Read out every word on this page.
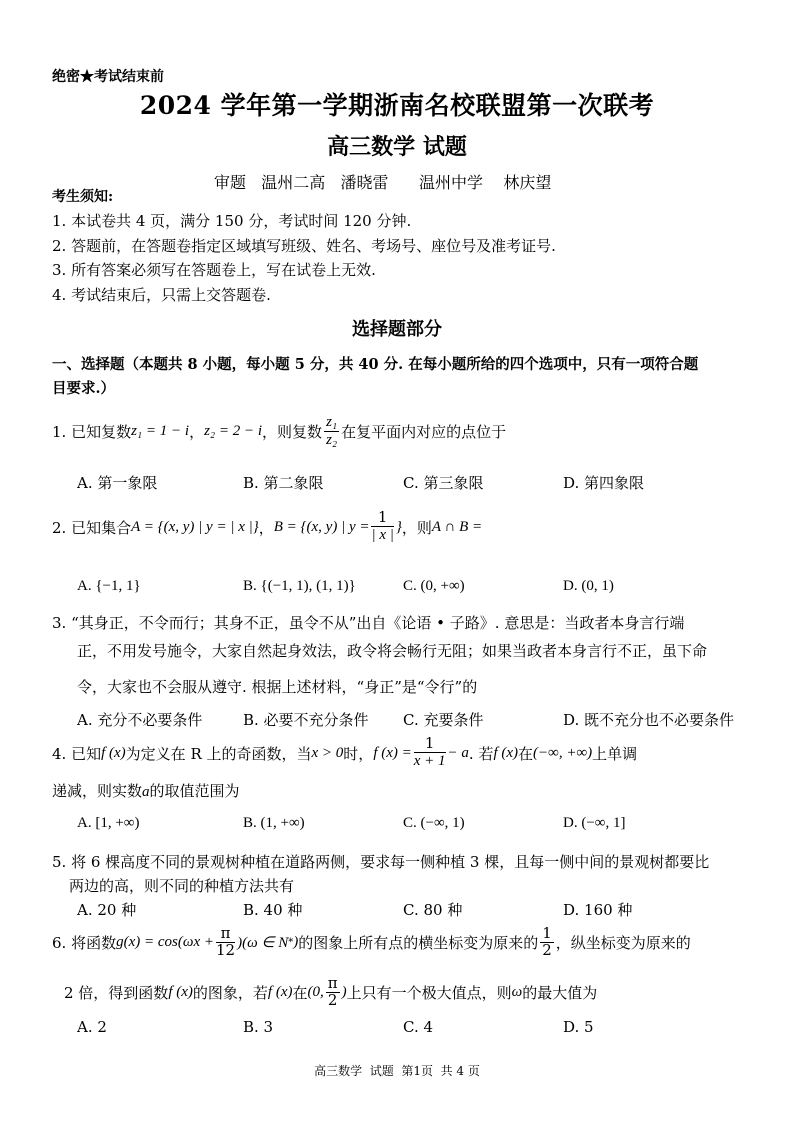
绝密★考试结束前
2024 学年第一学期浙南名校联盟第一次联考
高三数学 试题
审题   温州二高   潘晓雷      温州中学    林庆望
考生须知:
1. 本试卷共 4 页，满分 150 分，考试时间 120 分钟.
2. 答题前，在答题卷指定区域填写班级、姓名、考场号、座位号及准考证号.
3. 所有答案必须写在答题卷上，写在试卷上无效.
4. 考试结束后，只需上交答题卷.
选择题部分
一、选择题（本题共 8 小题，每小题 5 分，共 40 分. 在每小题所给的四个选项中，只有一项符合题
目要求.）
1. 已知复数 z₁ = 1 − i ， z₂ = 2 − i ，则复数 $\frac{\text{z₁}}{\text{z₂}}$ 在复平面内对应的点位于
A. 第一象限	B. 第二象限	C. 第三象限	D. 第四象限
2. 已知集合 A = {(x, y) | y = | x |} ， B = {(x, y) | $y = \frac{1}{| x |}$ } ，则 A ∩ B =
A. {−1, 1}	B. {(−1, 1), (1, 1)}	C. (0, +∞)	D. (0, 1)
3. “其身正，不令而行；其身不正，虽令不从”出自《论语 • 子路》. 意思是：当政者本身言行端
正，不用发号施令，大家自然起身效法，政令将会畅行无阻；如果当政者本身言行不正，虽下命
令，大家也不会服从遵守. 根据上述材料，“身正”是“令行”的
A. 充分不必要条件	B. 必要不充分条件 C. 充要条件	D. 既不充分也不必要条件
4. 已知 f (x) 为定义在 R 上的奇函数，当 x > 0 时， f $(x) = \frac{1}{x + 1} - a$ . 若 f (x) 在 (−∞, +∞) 上单调
递减，则实数a的取值范围为
A. [1, +∞)	B. (1, +∞)	C. (−∞, 1)	D. (−∞, 1]
5. 将 6 棵高度不同的景观树种植在道路两侧，要求每一侧种植 3 棵，且每一侧中间的景观树都要比
两边的高，则不同的种植方法共有
A. 20 种	B. 40 种	C. 80 种	D. 160 种
6. 将函数 $g(x) = \cos(\omega x + \frac{\pi}{12} )(\omega$ ∈ N * ) 的图象上所有点的横坐标变为原来的 $\frac{1}{2}$ ，纵坐标变为原来的
2 倍，得到函数 f (x) 的图象，若 f (x) 在 (0, $\frac{\pi}{2}$ ) 上只有一个极大值点，则 ω 的最大值为
A. 2	B. 3	C. 4	D. 5
高三数学  试题  第1页  共 4 页
